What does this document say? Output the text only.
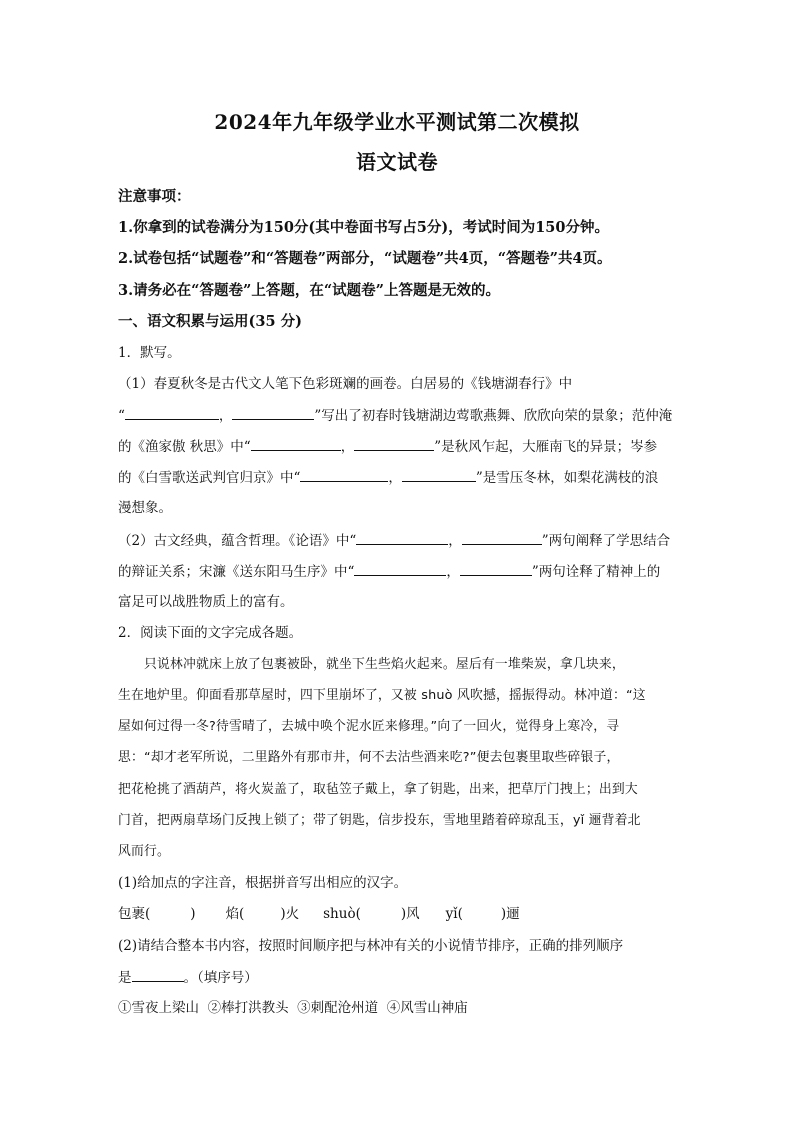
2024年九年级学业水平测试第二次模拟
语文试卷
注意事项：
1.你拿到的试卷满分为150分(其中卷面书写占5分)，考试时间为150分钟。
2.试卷包括“试题卷”和“答题卷”两部分，“试题卷”共4页，“答题卷”共4页。
3.请务必在“答题卷”上答题，在“试题卷”上答题是无效的。
一、语文积累与运用(35 分)
1．默写。
（1）春夏秋冬是古代文人笔下色彩斑斓的画卷。白居易的《钱塘湖春行》中
“	，	”写出了初春时钱塘湖边莺歌燕舞、欣欣向荣的景象；范仲淹
的《渔家傲 秋思》中“	，	”是秋风乍起，大雁南飞的异景；岑参
的《白雪歌送武判官归京》中“	，	”是雪压冬林，如梨花满枝的浪
漫想象。
（2）古文经典，蕴含哲理。《论语》中“	，	”两句阐释了学思结合
的辩证关系；宋濂《送东阳马生序》中“	，	”两句诠释了精神上的
富足可以战胜物质上的富有。
2．阅读下面的文字完成各题。
只说林冲就床上放了包裹被卧，就坐下生些焰火起来。屋后有一堆柴炭，拿几块来，
生在地炉里。仰面看那草屋时，四下里崩坏了，又被 shuò 风吹撼，摇振得动。林冲道：“这
屋如何过得一冬?待雪晴了，去城中唤个泥水匠来修理。”向了一回火，觉得身上寒冷，寻
思：“却才老军所说，二里路外有那市井，何不去沽些酒来吃?”便去包裹里取些碎银子，
把花枪挑了酒葫芦，将火炭盖了，取毡笠子戴上，拿了钥匙，出来，把草厅门拽上；出到大
门首，把两扇草场门反拽上锁了；带了钥匙，信步投东，雪地里踏着碎琼乱玉，yǐ 逦背着北
风而行。
(1)给加点的字注音，根据拼音写出相应的汉字。
包裹(	) 焰(	)火 shuò(	)风 yǐ(	)逦
(2)请结合整本书内容，按照时间顺序把与林冲有关的小说情节排序，正确的排列顺序
是	。（填序号）
①雪夜上梁山  ②棒打洪教头  ③刺配沧州道  ④风雪山神庙
